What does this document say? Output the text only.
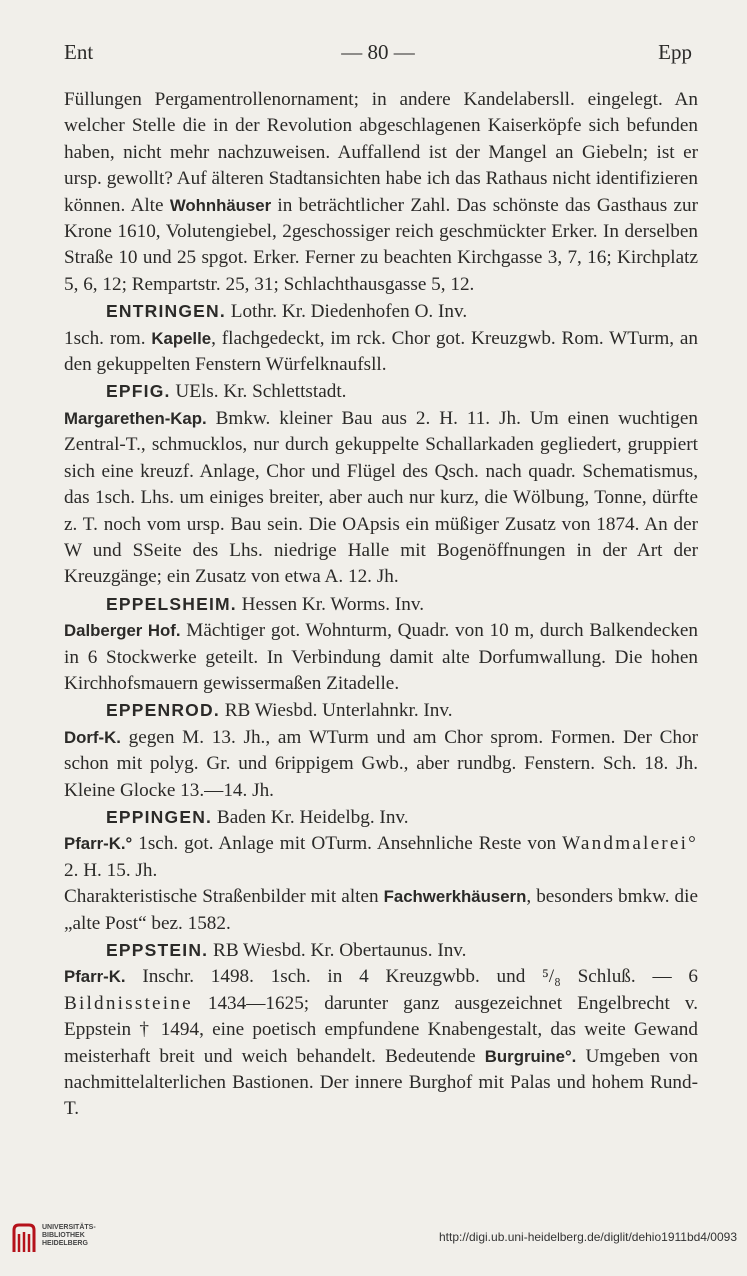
Ent	— 80 —	Epp

Füllungen Pergamentrollenornament; in andere Kandelabersll. eingelegt. An welcher Stelle die in der Revolution abgeschlagenen Kaiserköpfe sich befunden haben, nicht mehr nachzuweisen. Auffallend ist der Mangel an Giebeln; ist er ursp. gewollt? Auf älteren Stadtansichten habe ich das Rathaus nicht identifizieren können. Alte Wohnhäuser in beträchtlicher Zahl. Das schönste das Gasthaus zur Krone 1610, Volutengiebel, 2geschossiger reich geschmückter Erker. In derselben Straße 10 und 25 spgot. Erker. Ferner zu beachten Kirchgasse 3, 7, 16; Kirchplatz 5, 6, 12; Rempartstr. 25, 31; Schlachthausgasse 5, 12.

ENTRINGEN. Lothr. Kr. Diedenhofen O. Inv.
1sch. rom. Kapelle, flachgedeckt, im rck. Chor got. Kreuzgwb. Rom. WTurm, an den gekuppelten Fenstern Würfelknaufsll.

EPFIG. UEls. Kr. Schlettstadt.
Margarethen-Kap. Bmkw. kleiner Bau aus 2. H. 11. Jh. Um einen wuchtigen Zentral-T., schmucklos, nur durch gekuppelte Schallarkaden gegliedert, gruppiert sich eine kreuzf. Anlage, Chor und Flügel des Qsch. nach quadr. Schematismus, das 1sch. Lhs. um einiges breiter, aber auch nur kurz, die Wölbung, Tonne, dürfte z. T. noch vom ursp. Bau sein. Die OApsis ein müßiger Zusatz von 1874. An der W und SSeite des Lhs. niedrige Halle mit Bogenöffnungen in der Art der Kreuzgänge; ein Zusatz von etwa A. 12. Jh.

EPPELSHEIM. Hessen Kr. Worms. Inv.
Dalberger Hof. Mächtiger got. Wohnturm, Quadr. von 10 m, durch Balkendecken in 6 Stockwerke geteilt. In Verbindung damit alte Dorfumwallung. Die hohen Kirchhofsmauern gewissermaßen Zitadelle.

EPPENROD. RB Wiesbd. Unterlahnkr. Inv.
Dorf-K. gegen M. 13. Jh., am WTurm und am Chor sprom. Formen. Der Chor schon mit polyg. Gr. und 6rippigem Gwb., aber rundbg. Fenstern. Sch. 18. Jh. Kleine Glocke 13.—14. Jh.

EPPINGEN. Baden Kr. Heidelbg. Inv.
Pfarr-K.° 1sch. got. Anlage mit OTurm. Ansehnliche Reste von Wandmalerei° 2. H. 15. Jh.

Charakteristische Straßenbilder mit alten Fachwerkhäusern, besonders bmkw. die „alte Post“ bez. 1582.

EPPSTEIN. RB Wiesbd. Kr. Obertaunus. Inv.
Pfarr-K. Inschr. 1498. 1sch. in 4 Kreuzgwbb. und ⁵/₈ Schluß. — 6 Bildnissteine 1434—1625; darunter ganz ausgezeichnet Engelbrecht v. Eppstein † 1494, eine poetisch empfundene Knabengestalt, das weite Gewand meisterhaft breit und weich behandelt. Bedeutende Burgruine°. Umgeben von nachmittelalterlichen Bastionen. Der innere Burghof mit Palas und hohem Rund-T.

UNIVERSITÄTS-
BIBLIOTHEK
HEIDELBERG	http://digi.ub.uni-heidelberg.de/diglit/dehio1911bd4/0093
